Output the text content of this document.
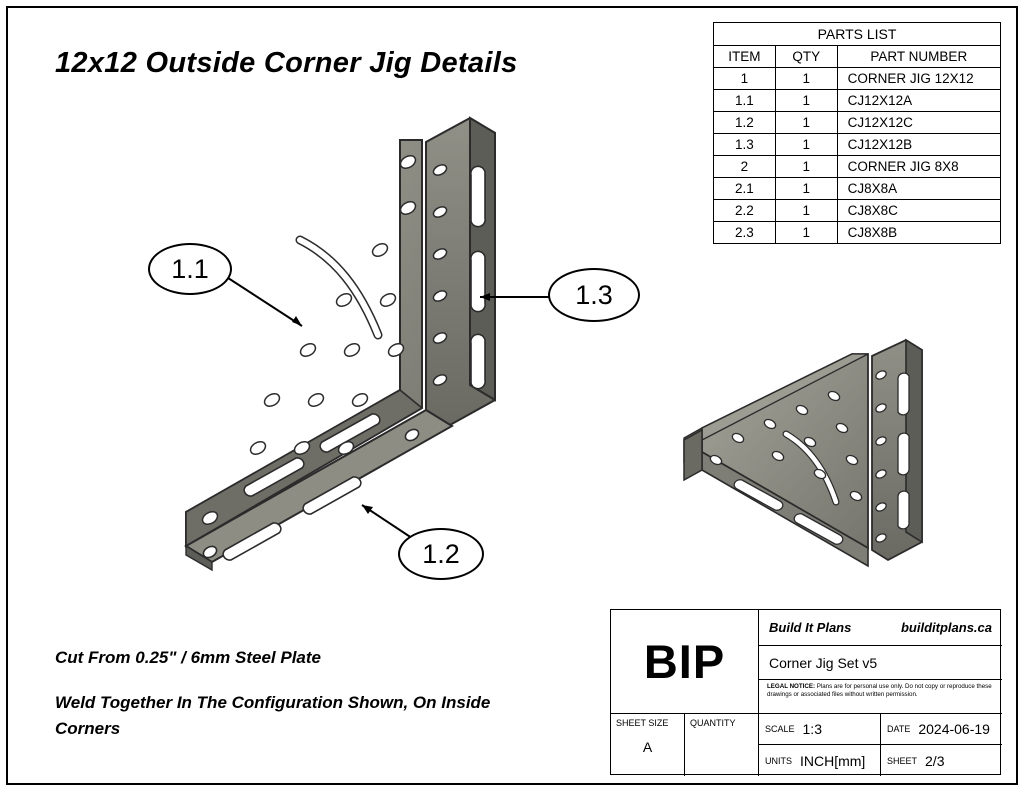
12x12 Outside Corner Jig Details
PARTS LIST		
ITEM	QTY	PART NUMBER
1	1	CORNER JIG 12X12
1.1	1	CJ12X12A
1.2	1	CJ12X12C
1.3	1	CJ12X12B
2	1	CORNER JIG 8X8
2.1	1	CJ8X8A
2.2	1	CJ8X8C
2.3	1	CJ8X8B
1.1
1.3
1.2
Cut From 0.25" / 6mm Steel Plate
Weld Together In The Configuration Shown, On Inside Corners
BIP
Build It Plans	builditplans.ca
Corner Jig Set v5
LEGAL NOTICE: Plans are for personal use only. Do not copy or reproduce these drawings or associated files without written permission.
SHEET SIZE
A
QUANTITY
SCALE 1:3	DATE 2024-06-19
UNITS INCH[mm] SHEET 2/3
